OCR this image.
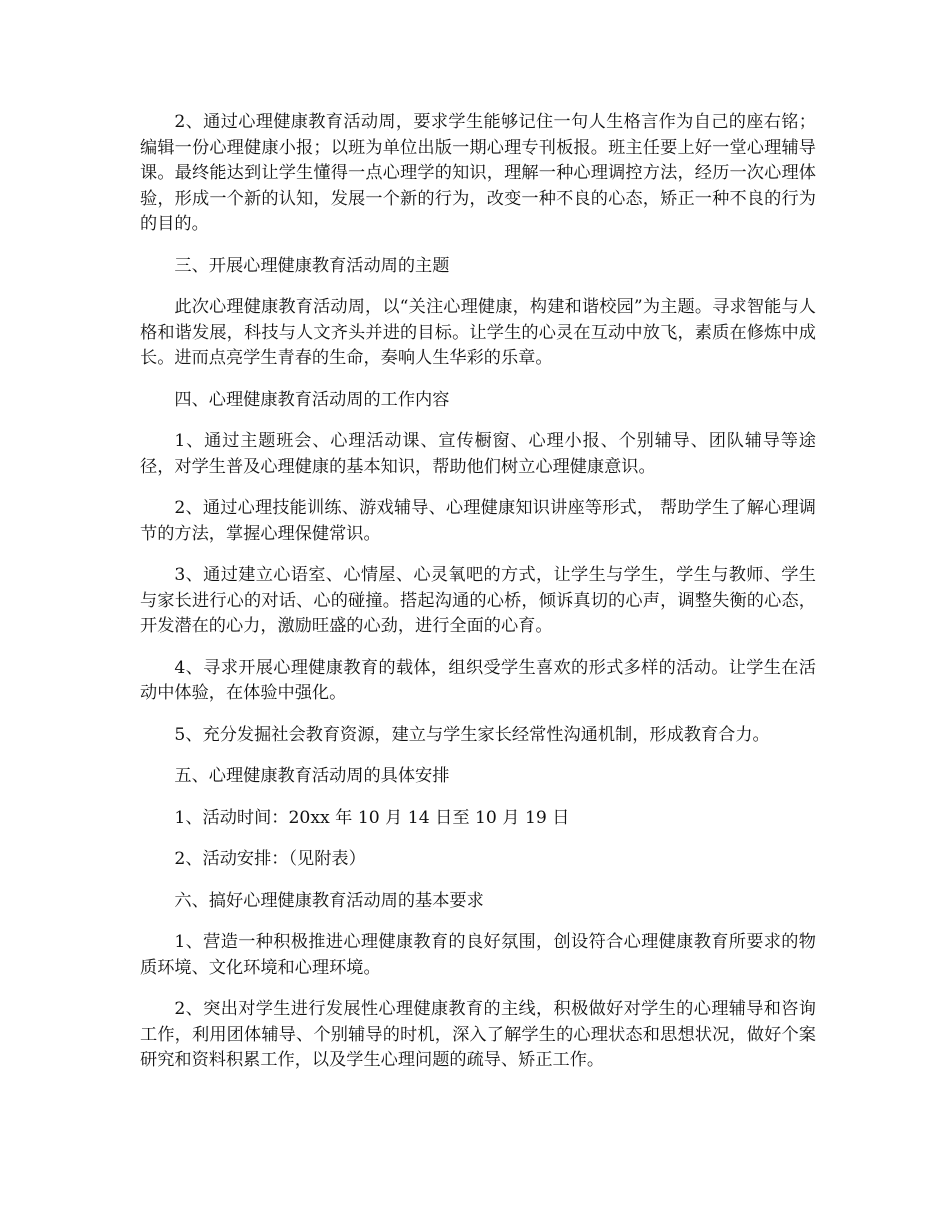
2、通过心理健康教育活动周，要求学生能够记住一句人生格言作为自己的座右铭；编辑一份心理健康小报；以班为单位出版一期心理专刊板报。班主任要上好一堂心理辅导课。最终能达到让学生懂得一点心理学的知识，理解一种心理调控方法，经历一次心理体验，形成一个新的认知，发展一个新的行为，改变一种不良的心态，矫正一种不良的行为的目的。

三、开展心理健康教育活动周的主题

此次心理健康教育活动周，以“关注心理健康，构建和谐校园”为主题。寻求智能与人格和谐发展，科技与人文齐头并进的目标。让学生的心灵在互动中放飞，素质在修炼中成长。进而点亮学生青春的生命，奏响人生华彩的乐章。

四、心理健康教育活动周的工作内容

1、通过主题班会、心理活动课、宣传橱窗、心理小报、个别辅导、团队辅导等途径，对学生普及心理健康的基本知识，帮助他们树立心理健康意识。

2、通过心理技能训练、游戏辅导、心理健康知识讲座等形式， 帮助学生了解心理调节的方法，掌握心理保健常识。

3、通过建立心语室、心情屋、心灵氧吧的方式，让学生与学生，学生与教师、学生与家长进行心的对话、心的碰撞。搭起沟通的心桥，倾诉真切的心声，调整失衡的心态，开发潜在的心力，激励旺盛的心劲，进行全面的心育。

4、寻求开展心理健康教育的载体，组织受学生喜欢的形式多样的活动。让学生在活动中体验，在体验中强化。

5、充分发掘社会教育资源，建立与学生家长经常性沟通机制，形成教育合力。

五、心理健康教育活动周的具体安排

1、活动时间：20xx 年 10 月 14 日至 10 月 19 日

2、活动安排：（见附表）

六、搞好心理健康教育活动周的基本要求

1、营造一种积极推进心理健康教育的良好氛围，创设符合心理健康教育所要求的物质环境、文化环境和心理环境。

2、突出对学生进行发展性心理健康教育的主线，积极做好对学生的心理辅导和咨询工作，利用团体辅导、个别辅导的时机，深入了解学生的心理状态和思想状况，做好个案研究和资料积累工作，以及学生心理问题的疏导、矫正工作。
